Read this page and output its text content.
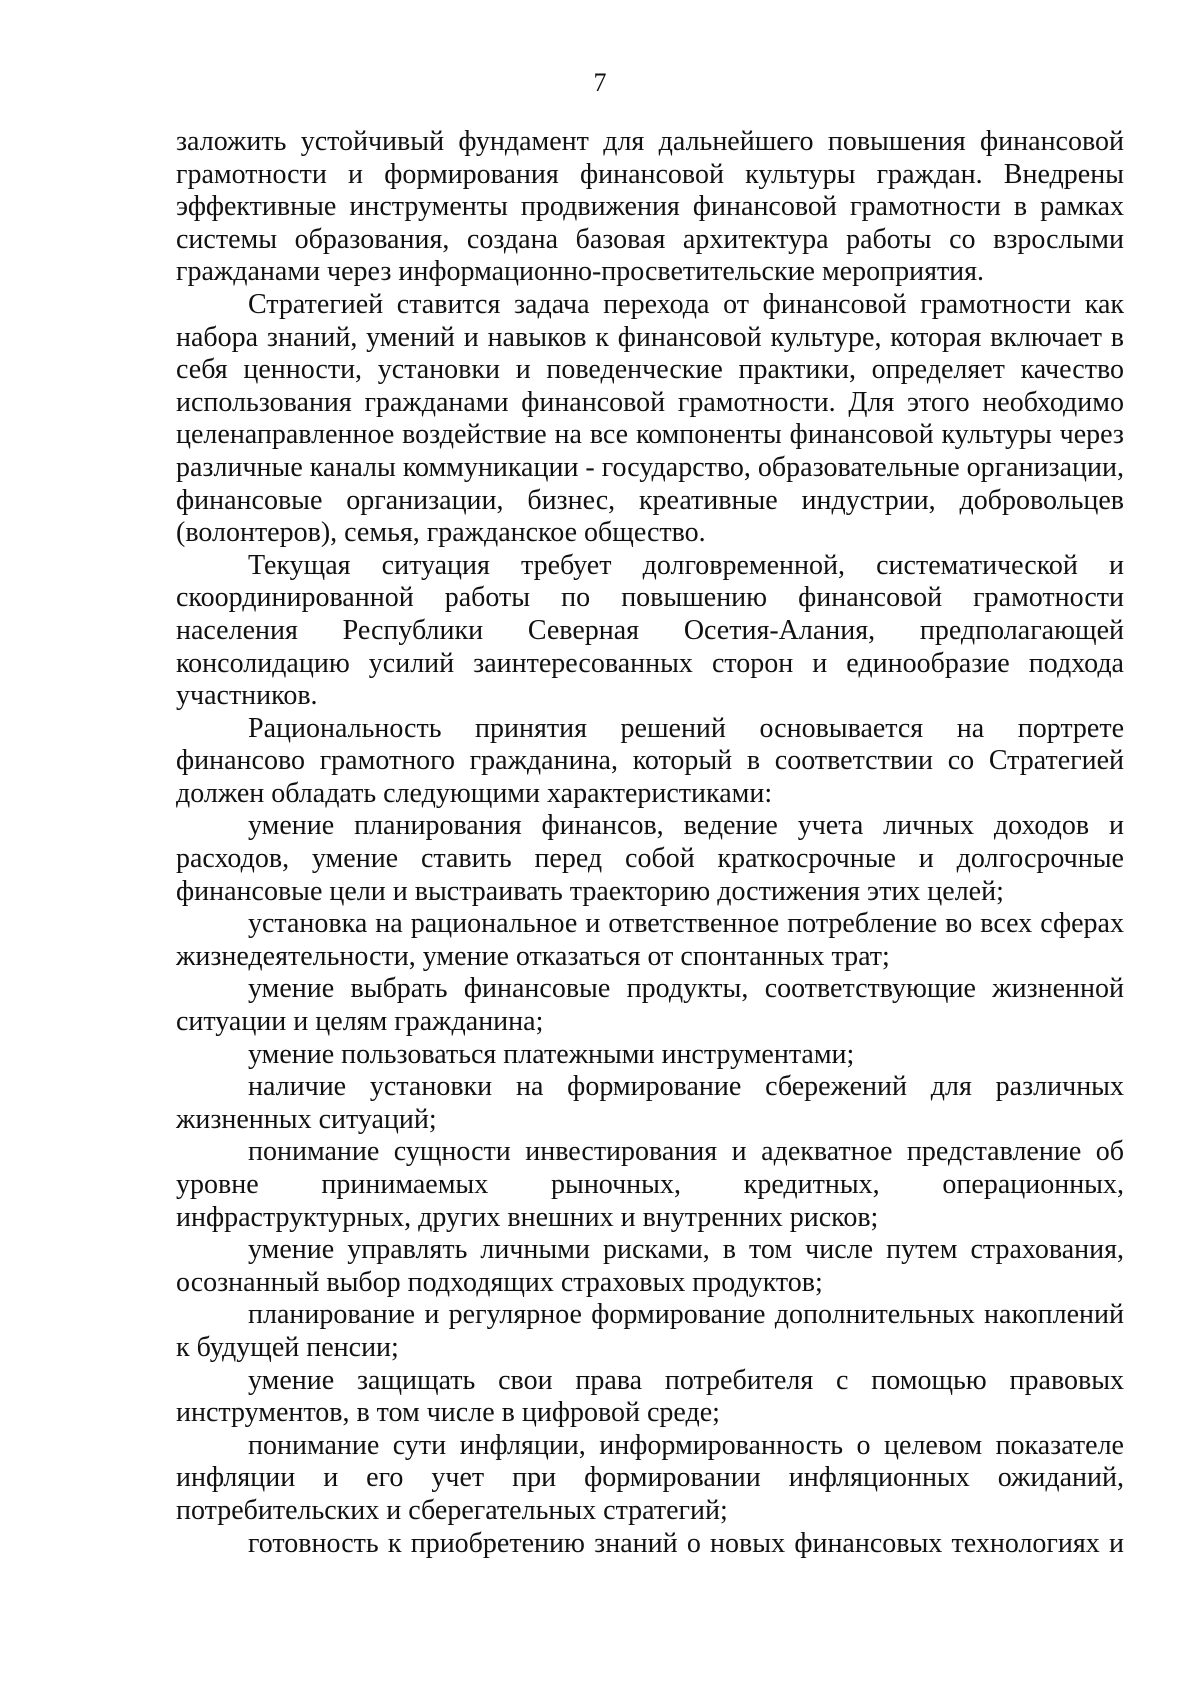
7

заложить устойчивый фундамент для дальнейшего повышения финансовой грамотности и формирования финансовой культуры граждан. Внедрены эффективные инструменты продвижения финансовой грамотности в рамках системы образования, создана базовая архитектура работы со взрослыми гражданами через информационно-просветительские мероприятия.

Стратегией ставится задача перехода от финансовой грамотности как набора знаний, умений и навыков к финансовой культуре, которая включает в себя ценности, установки и поведенческие практики, определяет качество использования гражданами финансовой грамотности. Для этого необходимо целенаправленное воздействие на все компоненты финансовой культуры через различные каналы коммуникации - государство, образовательные организации, финансовые организации, бизнес, креативные индустрии, добровольцев (волонтеров), семья, гражданское общество.

Текущая ситуация требует долговременной, систематической и скоординированной работы по повышению финансовой грамотности населения Республики Северная Осетия-Алания, предполагающей консолидацию усилий заинтересованных сторон и единообразие подхода участников.

Рациональность принятия решений основывается на портрете финансово грамотного гражданина, который в соответствии со Стратегией должен обладать следующими характеристиками:

умение планирования финансов, ведение учета личных доходов и расходов, умение ставить перед собой краткосрочные и долгосрочные финансовые цели и выстраивать траекторию достижения этих целей;

установка на рациональное и ответственное потребление во всех сферах жизнедеятельности, умение отказаться от спонтанных трат;

умение выбрать финансовые продукты, соответствующие жизненной ситуации и целям гражданина;

умение пользоваться платежными инструментами;

наличие установки на формирование сбережений для различных жизненных ситуаций;

понимание сущности инвестирования и адекватное представление об уровне принимаемых рыночных, кредитных, операционных, инфраструктурных, других внешних и внутренних рисков;

умение управлять личными рисками, в том числе путем страхования, осознанный выбор подходящих страховых продуктов;

планирование и регулярное формирование дополнительных накоплений к будущей пенсии;

умение защищать свои права потребителя с помощью правовых инструментов, в том числе в цифровой среде;

понимание сути инфляции, информированность о целевом показателе инфляции и его учет при формировании инфляционных ожиданий, потребительских и сберегательных стратегий;

готовность к приобретению знаний о новых финансовых технологиях и
